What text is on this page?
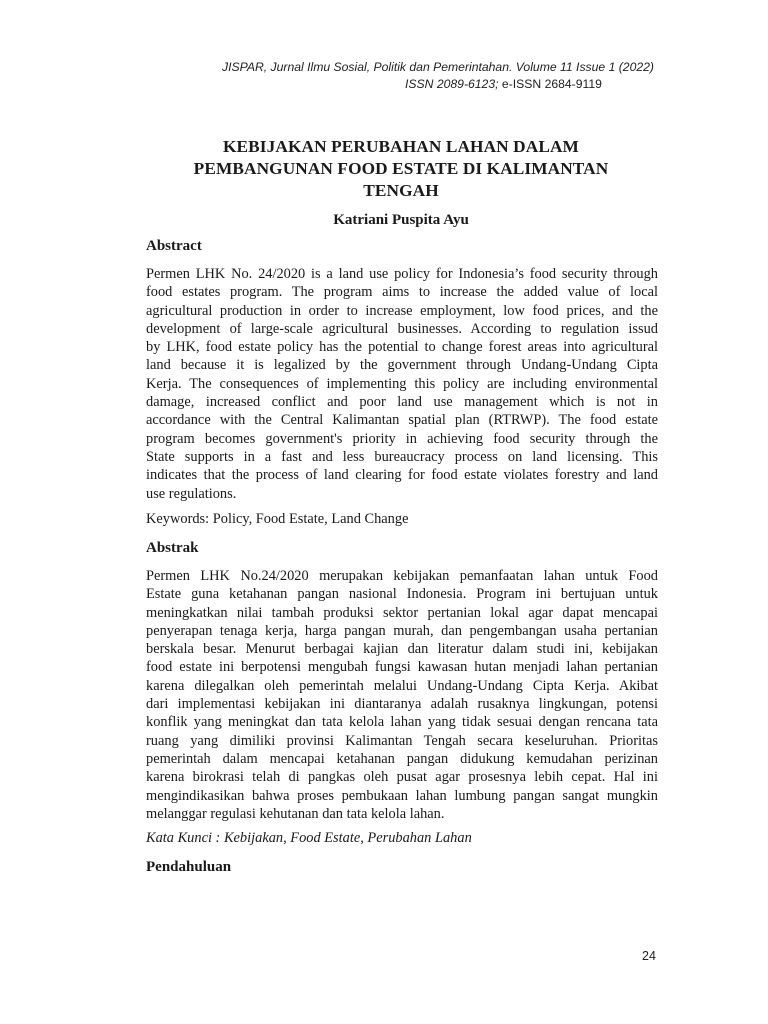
JISPAR, Jurnal Ilmu Sosial, Politik dan Pemerintahan. Volume 11 Issue 1 (2022)
ISSN 2089-6123; e-ISSN 2684-9119
KEBIJAKAN PERUBAHAN LAHAN DALAM
PEMBANGUNAN FOOD ESTATE DI KALIMANTAN
TENGAH
Katriani Puspita Ayu
Abstract
Permen LHK No. 24/2020 is a land use policy for Indonesia’s food security through
food estates program. The program aims to increase the added value of local
agricultural production in order to increase employment, low food prices, and the
development of large-scale agricultural businesses. According to regulation issud
by LHK, food estate policy has the potential to change forest areas into agricultural
land because it is legalized by the government through Undang-Undang Cipta
Kerja. The consequences of implementing this policy are including environmental
damage, increased conflict and poor land use management which is not in
accordance with the Central Kalimantan spatial plan (RTRWP). The food estate
program becomes government's priority in achieving food security through the
State supports in a fast and less bureaucracy process on land licensing. This
indicates that the process of land clearing for food estate violates forestry and land
use regulations.
Keywords: Policy, Food Estate, Land Change
Abstrak
Permen LHK No.24/2020 merupakan kebijakan pemanfaatan lahan untuk Food
Estate guna ketahanan pangan nasional Indonesia. Program ini bertujuan untuk
meningkatkan nilai tambah produksi sektor pertanian lokal agar dapat mencapai
penyerapan tenaga kerja, harga pangan murah, dan pengembangan usaha pertanian
berskala besar. Menurut berbagai kajian dan literatur dalam studi ini, kebijakan
food estate ini berpotensi mengubah fungsi kawasan hutan menjadi lahan pertanian
karena dilegalkan oleh pemerintah melalui Undang-Undang Cipta Kerja. Akibat
dari implementasi kebijakan ini diantaranya adalah rusaknya lingkungan, potensi
konflik yang meningkat dan tata kelola lahan yang tidak sesuai dengan rencana tata
ruang yang dimiliki provinsi Kalimantan Tengah secara keseluruhan. Prioritas
pemerintah dalam mencapai ketahanan pangan didukung kemudahan perizinan
karena birokrasi telah di pangkas oleh pusat agar prosesnya lebih cepat. Hal ini
mengindikasikan bahwa proses pembukaan lahan lumbung pangan sangat mungkin
melanggar regulasi kehutanan dan tata kelola lahan.
Kata Kunci : Kebijakan, Food Estate, Perubahan Lahan
Pendahuluan
24
